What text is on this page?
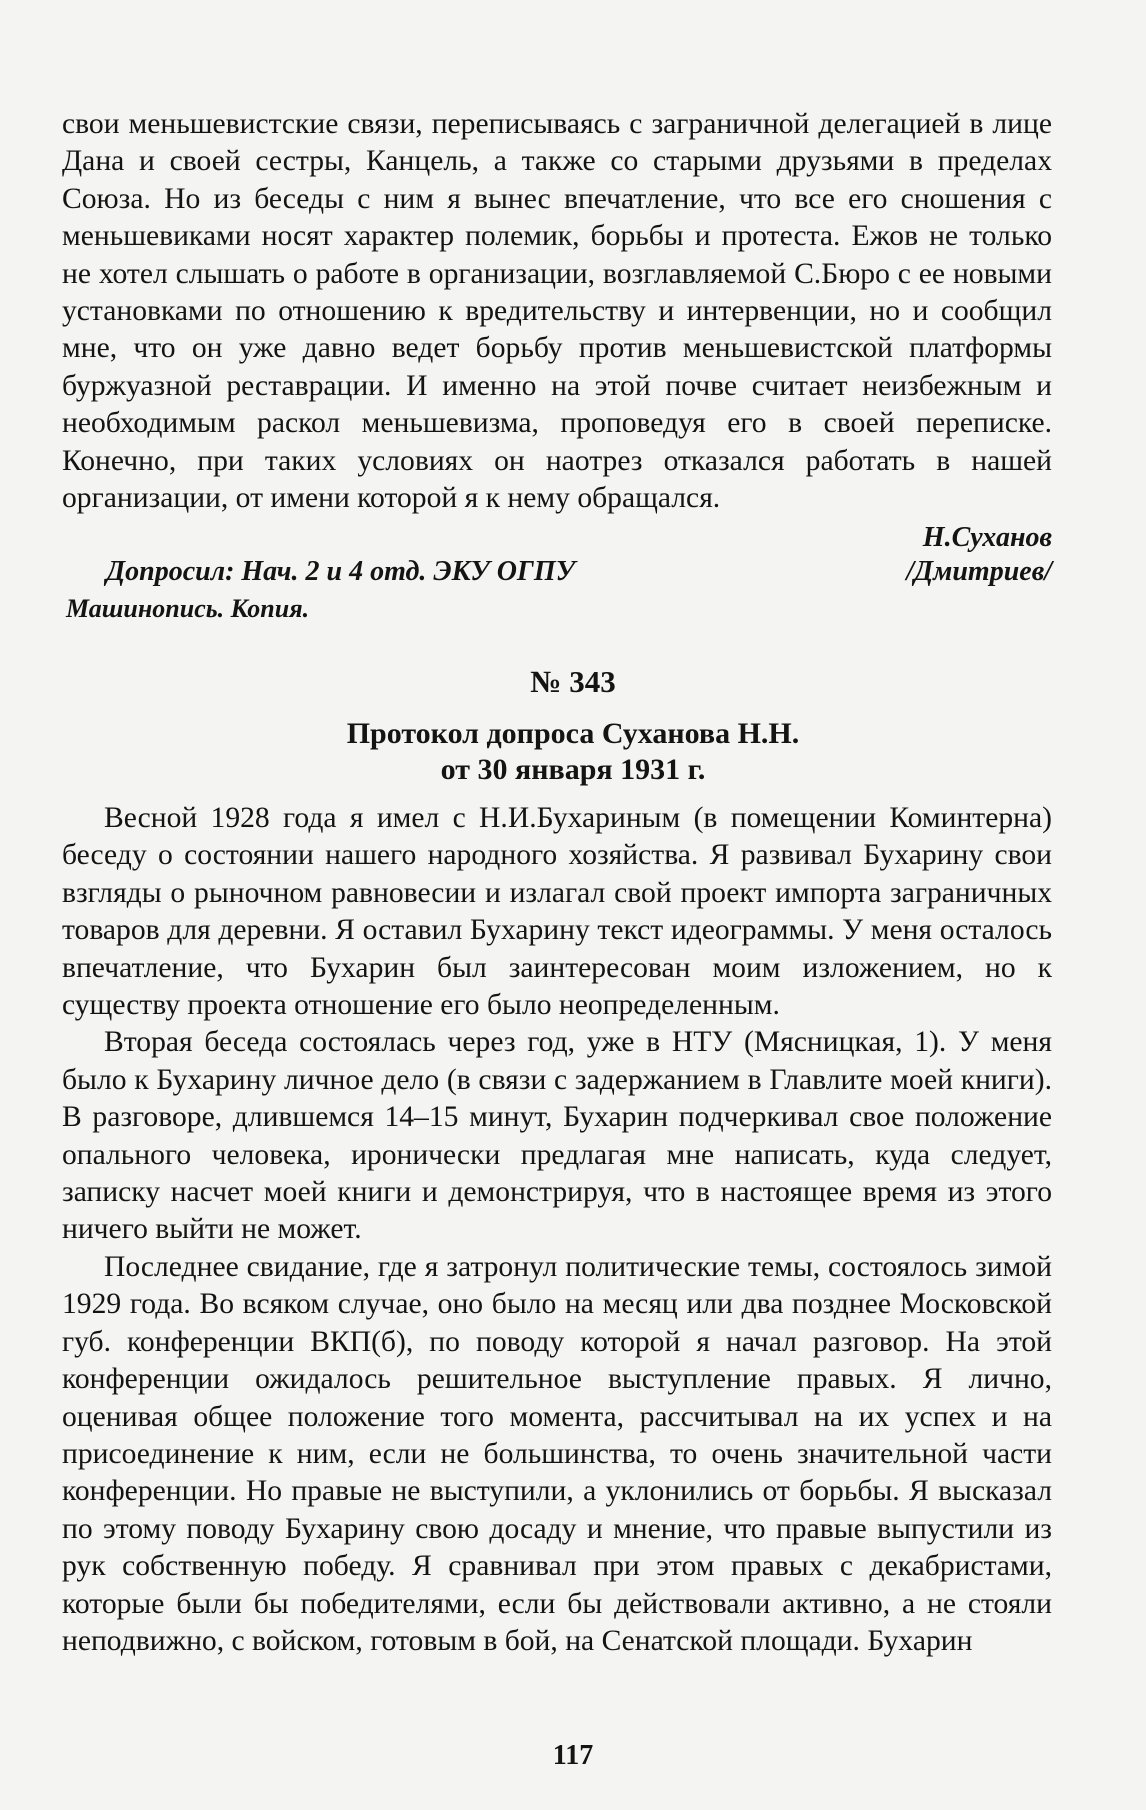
свои меньшевистские связи, переписываясь с заграничной делегацией в лице Дана и своей сестры, Канцель, а также со старыми друзьями в пределах Союза. Но из беседы с ним я вынес впечатление, что все его сношения с меньшевиками носят характер полемик, борьбы и протеста. Ежов не только не хотел слышать о работе в организации, возглавляемой С.Бюро с ее новыми установками по отношению к вредительству и интервенции, но и сообщил мне, что он уже давно ведет борьбу против меньшевистской платформы буржуазной реставрации. И именно на этой почве считает неизбежным и необходимым раскол меньшевизма, проповедуя его в своей переписке. Конечно, при таких условиях он наотрез отказался работать в нашей организации, от имени которой я к нему обращался.

Н.Суханов
Допросил: Нач. 2 и 4 отд. ЭКУ ОГПУ	/Дмитриев/
Машинопись. Копия.
№ 343
Протокол допроса Суханова Н.Н.
от 30 января 1931 г.

Весной 1928 года я имел с Н.И.Бухариным (в помещении Коминтерна) беседу о состоянии нашего народного хозяйства. Я развивал Бухарину свои взгляды о рыночном равновесии и излагал свой проект импорта заграничных товаров для деревни. Я оставил Бухарину текст идеограммы. У меня осталось впечатление, что Бухарин был заинтересован моим изложением, но к существу проекта отношение его было неопределенным.

Вторая беседа состоялась через год, уже в НТУ (Мясницкая, 1). У меня было к Бухарину личное дело (в связи с задержанием в Главлите моей книги). В разговоре, длившемся 14–15 минут, Бухарин подчеркивал свое положение опального человека, иронически предлагая мне написать, куда следует, записку насчет моей книги и демонстрируя, что в настоящее время из этого ничего выйти не может.

Последнее свидание, где я затронул политические темы, состоялось зимой 1929 года. Во всяком случае, оно было на месяц или два позднее Московской губ. конференции ВКП(б), по поводу которой я начал разговор. На этой конференции ожидалось решительное выступление правых. Я лично, оценивая общее положение того момента, рассчитывал на их успех и на присоединение к ним, если не большинства, то очень значительной части конференции. Но правые не выступили, а уклонились от борьбы. Я высказал по этому поводу Бухарину свою досаду и мнение, что правые выпустили из рук собственную победу. Я сравнивал при этом правых с декабристами, которые были бы победителями, если бы действовали активно, а не стояли неподвижно, с войском, готовым в бой, на Сенатской площади. Бухарин

117
